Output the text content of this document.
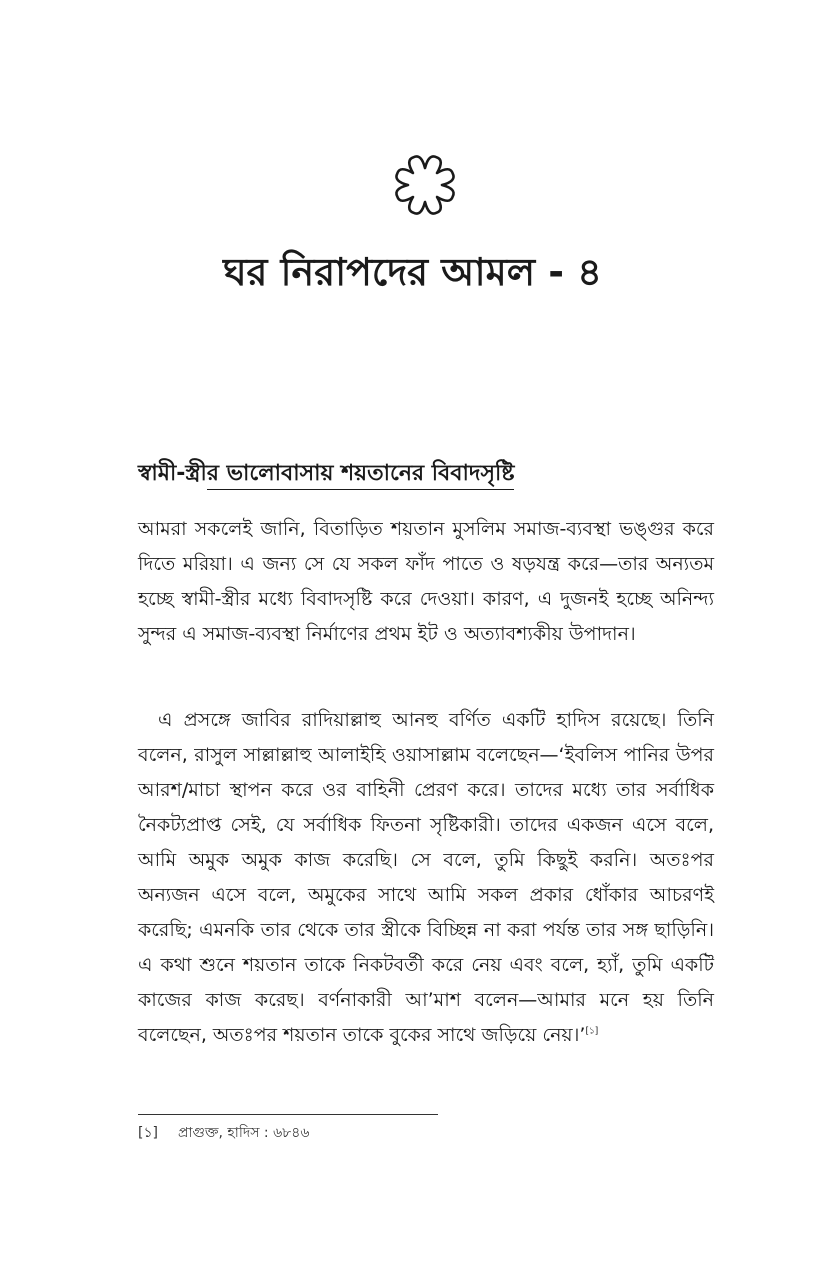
ঘর নিরাপদের আমল - ৪
স্বামী-স্ত্রীর ভালোবাসায় শয়তানের বিবাদসৃষ্টি

আমরা সকলেই জানি, বিতাড়িত শয়তান মুসলিম সমাজ-ব্যবস্থা ভঙ্গুর করে দিতে মরিয়া। এ জন্য সে যে সকল ফাঁদ পাতে ও ষড়যন্ত্র করে—তার অন্যতম হচ্ছে স্বামী-স্ত্রীর মধ্যে বিবাদসৃষ্টি করে দেওয়া। কারণ, এ দুজনই হচ্ছে অনিন্দ্য সুন্দর এ সমাজ-ব্যবস্থা নির্মাণের প্রথম ইট ও অত্যাবশ্যকীয় উপাদান।

এ প্রসঙ্গে জাবির রাদিয়াল্লাহু আনহু বর্ণিত একটি হাদিস রয়েছে। তিনি বলেন, রাসুল সাল্লাল্লাহু আলাইহি ওয়াসাল্লাম বলেছেন—‘ইবলিস পানির উপর আরশ/মাচা স্থাপন করে ওর বাহিনী প্রেরণ করে। তাদের মধ্যে তার সর্বাধিক নৈকট্যপ্রাপ্ত সেই, যে সর্বাধিক ফিতনা সৃষ্টিকারী। তাদের একজন এসে বলে, আমি অমুক অমুক কাজ করেছি। সে বলে, তুমি কিছুই করনি। অতঃপর অন্যজন এসে বলে, অমুকের সাথে আমি সকল প্রকার ধোঁকার আচরণই করেছি; এমনকি তার থেকে তার স্ত্রীকে বিচ্ছিন্ন না করা পর্যন্ত তার সঙ্গ ছাড়িনি। এ কথা শুনে শয়তান তাকে নিকটবর্তী করে নেয় এবং বলে, হ্যাঁ, তুমি একটি কাজের কাজ করেছ। বর্ণনাকারী আ’মাশ বলেন—আমার মনে হয় তিনি বলেছেন, অতঃপর শয়তান তাকে বুকের সাথে জড়িয়ে নেয়।’[১]

[১] প্রাগুক্ত, হাদিস : ৬৮৪৬
